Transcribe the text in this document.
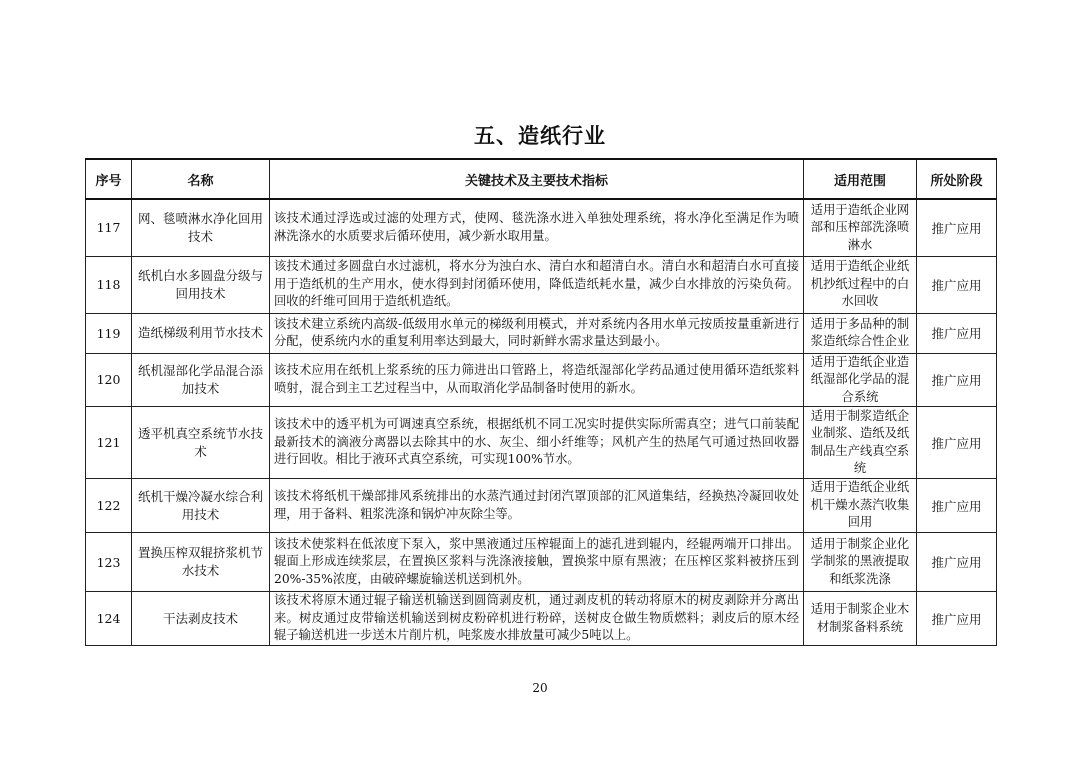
五、造纸行业
序号	名称	关键技术及主要技术指标	适用范围	所处阶段
117	网、毯喷淋水净化回用技术	该技术通过浮选或过滤的处理方式，使网、毯洗涤水进入单独处理系统，将水净化至满足作为喷淋洗涤水的水质要求后循环使用，减少新水取用量。	适用于造纸企业网部和压榨部洗涤喷淋水	推广应用
118	纸机白水多圆盘分级与回用技术	该技术通过多圆盘白水过滤机，将水分为浊白水、清白水和超清白水。清白水和超清白水可直接用于造纸机的生产用水，使水得到封闭循环使用，降低造纸耗水量，减少白水排放的污染负荷。回收的纤维可回用于造纸机造纸。	适用于造纸企业纸机抄纸过程中的白水回收	推广应用
119	造纸梯级利用节水技术	该技术建立系统内高级-低级用水单元的梯级利用模式，并对系统内各用水单元按质按量重新进行分配，使系统内水的重复利用率达到最大，同时新鲜水需求量达到最小。	适用于多品种的制浆造纸综合性企业	推广应用
120	纸机湿部化学品混合添加技术	该技术应用在纸机上浆系统的压力筛进出口管路上，将造纸湿部化学药品通过使用循环造纸浆料喷射，混合到主工艺过程当中，从而取消化学品制备时使用的新水。	适用于造纸企业造纸湿部化学品的混合系统	推广应用
121	透平机真空系统节水技术	该技术中的透平机为可调速真空系统，根据纸机不同工况实时提供实际所需真空；进气口前装配最新技术的滴液分离器以去除其中的水、灰尘、细小纤维等；风机产生的热尾气可通过热回收器进行回收。相比于液环式真空系统，可实现100%节水。	适用于制浆造纸企业制浆、造纸及纸制品生产线真空系统	推广应用
122	纸机干燥冷凝水综合利用技术	该技术将纸机干燥部排风系统排出的水蒸汽通过封闭汽罩顶部的汇风道集结，经换热冷凝回收处理，用于备料、粗浆洗涤和锅炉冲灰除尘等。	适用于造纸企业纸机干燥水蒸汽收集回用	推广应用
123	置换压榨双辊挤浆机节水技术	该技术使浆料在低浓度下泵入，浆中黑液通过压榨辊面上的滤孔进到辊内，经辊两端开口排出。辊面上形成连续浆层，在置换区浆料与洗涤液接触，置换浆中原有黑液；在压榨区浆料被挤压到20%-35%浓度，由破碎螺旋输送机送到机外。	适用于制浆企业化学制浆的黑液提取和纸浆洗涤	推广应用
124	干法剥皮技术	该技术将原木通过辊子输送机输送到圆筒剥皮机，通过剥皮机的转动将原木的树皮剥除并分离出来。树皮通过皮带输送机输送到树皮粉碎机进行粉碎，送树皮仓做生物质燃料；剥皮后的原木经辊子输送机进一步送木片削片机，吨浆废水排放量可减少5吨以上。	适用于制浆企业木材制浆备料系统	推广应用
20
